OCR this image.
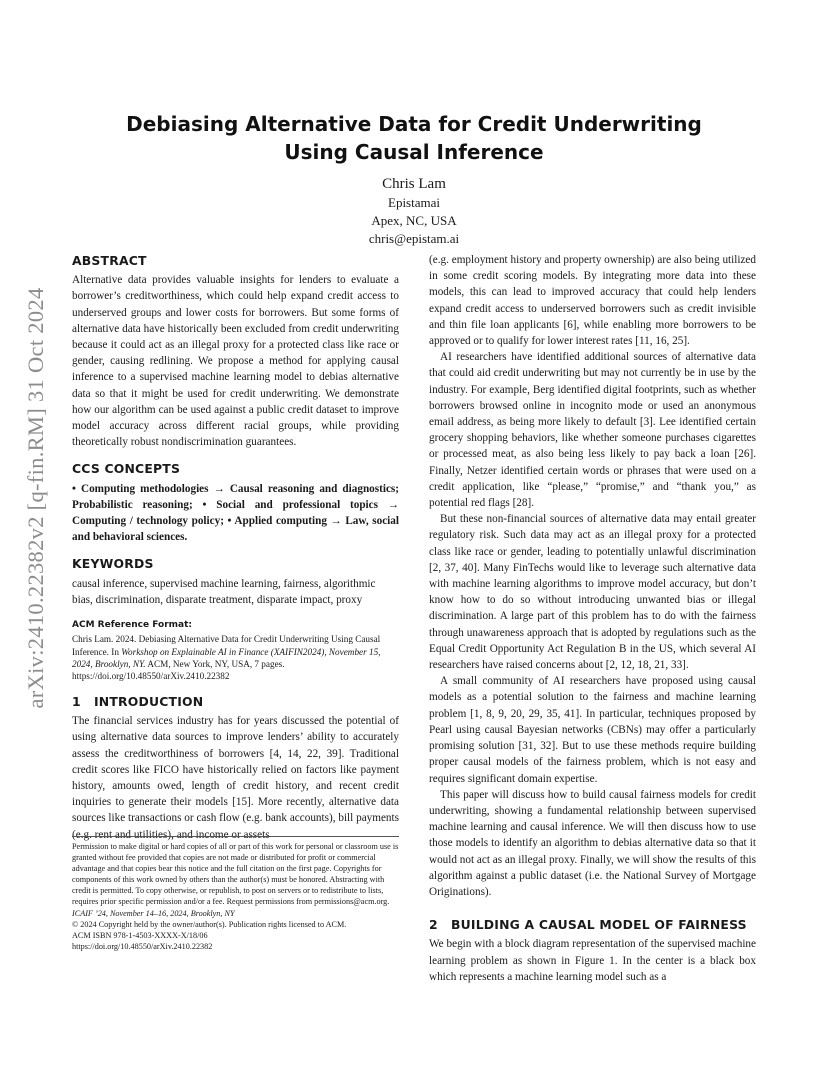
arXiv:2410.22382v2 [q-fin.RM] 31 Oct 2024
Debiasing Alternative Data for Credit Underwriting
Using Causal Inference
Chris Lam
Epistamai
Apex, NC, USA
chris@epistam.ai
ABSTRACT

Alternative data provides valuable insights for lenders to evaluate a borrower’s creditworthiness, which could help expand credit access to underserved groups and lower costs for borrowers. But some forms of alternative data have historically been excluded from credit underwriting because it could act as an illegal proxy for a protected class like race or gender, causing redlining. We propose a method for applying causal inference to a supervised machine learning model to debias alternative data so that it might be used for credit underwriting. We demonstrate how our algorithm can be used against a public credit dataset to improve model accuracy across different racial groups, while providing theoretically robust nondiscrimination guarantees.

CCS CONCEPTS

• Computing methodologies → Causal reasoning and diagnostics; Probabilistic reasoning; • Social and professional topics → Computing / technology policy; • Applied computing → Law, social and behavioral sciences.

KEYWORDS

causal inference, supervised machine learning, fairness, algorithmic bias, discrimination, disparate treatment, disparate impact, proxy

ACM Reference Format:

Chris Lam. 2024. Debiasing Alternative Data for Credit Underwriting Using Causal Inference. In Workshop on Explainable AI in Finance (XAIFIN2024), November 15, 2024, Brooklyn, NY. ACM, New York, NY, USA, 7 pages. https://doi.org/10.48550/arXiv.2410.22382

1 INTRODUCTION

The financial services industry has for years discussed the potential of using alternative data sources to improve lenders’ ability to accurately assess the creditworthiness of borrowers [4, 14, 22, 39]. Traditional credit scores like FICO have historically relied on factors like payment history, amounts owed, length of credit history, and recent credit inquiries to generate their models [15]. More recently, alternative data sources like transactions or cash flow (e.g. bank accounts), bill payments (e.g. rent and utilities), and income or assets

Permission to make digital or hard copies of all or part of this work for personal or classroom use is granted without fee provided that copies are not made or distributed for profit or commercial advantage and that copies bear this notice and the full citation on the first page. Copyrights for components of this work owned by others than the author(s) must be honored. Abstracting with credit is permitted. To copy otherwise, or republish, to post on servers or to redistribute to lists, requires prior specific permission and/or a fee. Request permissions from permissions@acm.org.

ICAIF ’24, November 14–16, 2024, Brooklyn, NY

© 2024 Copyright held by the owner/author(s). Publication rights licensed to ACM.

ACM ISBN 978-1-4503-XXXX-X/18/06

https://doi.org/10.48550/arXiv.2410.22382

(e.g. employment history and property ownership) are also being utilized in some credit scoring models. By integrating more data into these models, this can lead to improved accuracy that could help lenders expand credit access to underserved borrowers such as credit invisible and thin file loan applicants [6], while enabling more borrowers to be approved or to qualify for lower interest rates [11, 16, 25].

AI researchers have identified additional sources of alternative data that could aid credit underwriting but may not currently be in use by the industry. For example, Berg identified digital footprints, such as whether borrowers browsed online in incognito mode or used an anonymous email address, as being more likely to default [3]. Lee identified certain grocery shopping behaviors, like whether someone purchases cigarettes or processed meat, as also being less likely to pay back a loan [26]. Finally, Netzer identified certain words or phrases that were used on a credit application, like “please,” “promise,” and “thank you,” as potential red flags [28].

But these non-financial sources of alternative data may entail greater regulatory risk. Such data may act as an illegal proxy for a protected class like race or gender, leading to potentially unlawful discrimination [2, 37, 40]. Many FinTechs would like to leverage such alternative data with machine learning algorithms to improve model accuracy, but don’t know how to do so without introducing unwanted bias or illegal discrimination. A large part of this problem has to do with the fairness through unawareness approach that is adopted by regulations such as the Equal Credit Opportunity Act Regulation B in the US, which several AI researchers have raised concerns about [2, 12, 18, 21, 33].

A small community of AI researchers have proposed using causal models as a potential solution to the fairness and machine learning problem [1, 8, 9, 20, 29, 35, 41]. In particular, techniques proposed by Pearl using causal Bayesian networks (CBNs) may offer a particularly promising solution [31, 32]. But to use these methods require building proper causal models of the fairness problem, which is not easy and requires significant domain expertise.

This paper will discuss how to build causal fairness models for credit underwriting, showing a fundamental relationship between supervised machine learning and causal inference. We will then discuss how to use those models to identify an algorithm to debias alternative data so that it would not act as an illegal proxy. Finally, we will show the results of this algorithm against a public dataset (i.e. the National Survey of Mortgage Originations).

2 BUILDING A CAUSAL MODEL OF FAIRNESS

We begin with a block diagram representation of the supervised machine learning problem as shown in Figure 1. In the center is a black box which represents a machine learning model such as a
